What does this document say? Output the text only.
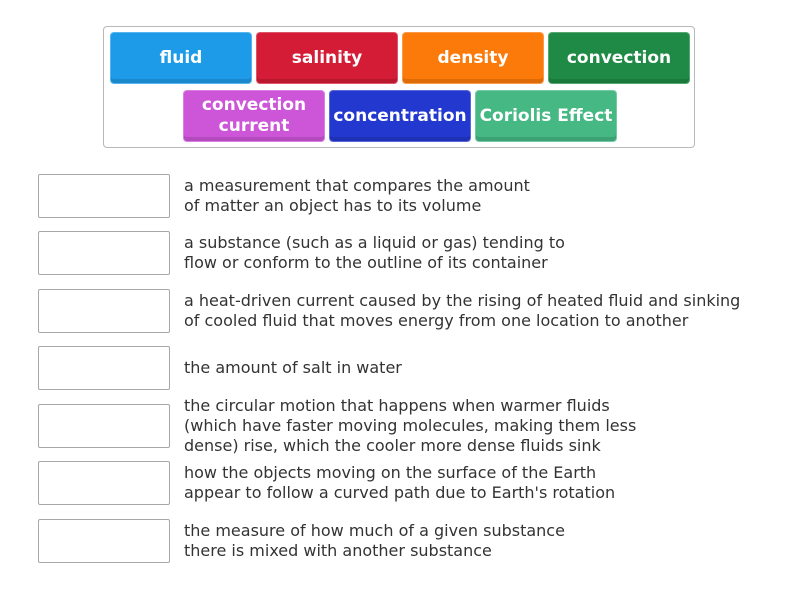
fluid	salinity	density	convection
convection current
concentration Coriolis Effect
a measurement that compares the amount
of matter an object has to its volume
a substance (such as a liquid or gas) tending to
flow or conform to the outline of its container
a heat-driven current caused by the rising of heated fluid and sinking
of cooled fluid that moves energy from one location to another
the amount of salt in water
the circular motion that happens when warmer fluids
(which have faster moving molecules, making them less
dense) rise, which the cooler more dense fluids sink
how the objects moving on the surface of the Earth
appear to follow a curved path due to Earth's rotation
the measure of how much of a given substance
there is mixed with another substance
